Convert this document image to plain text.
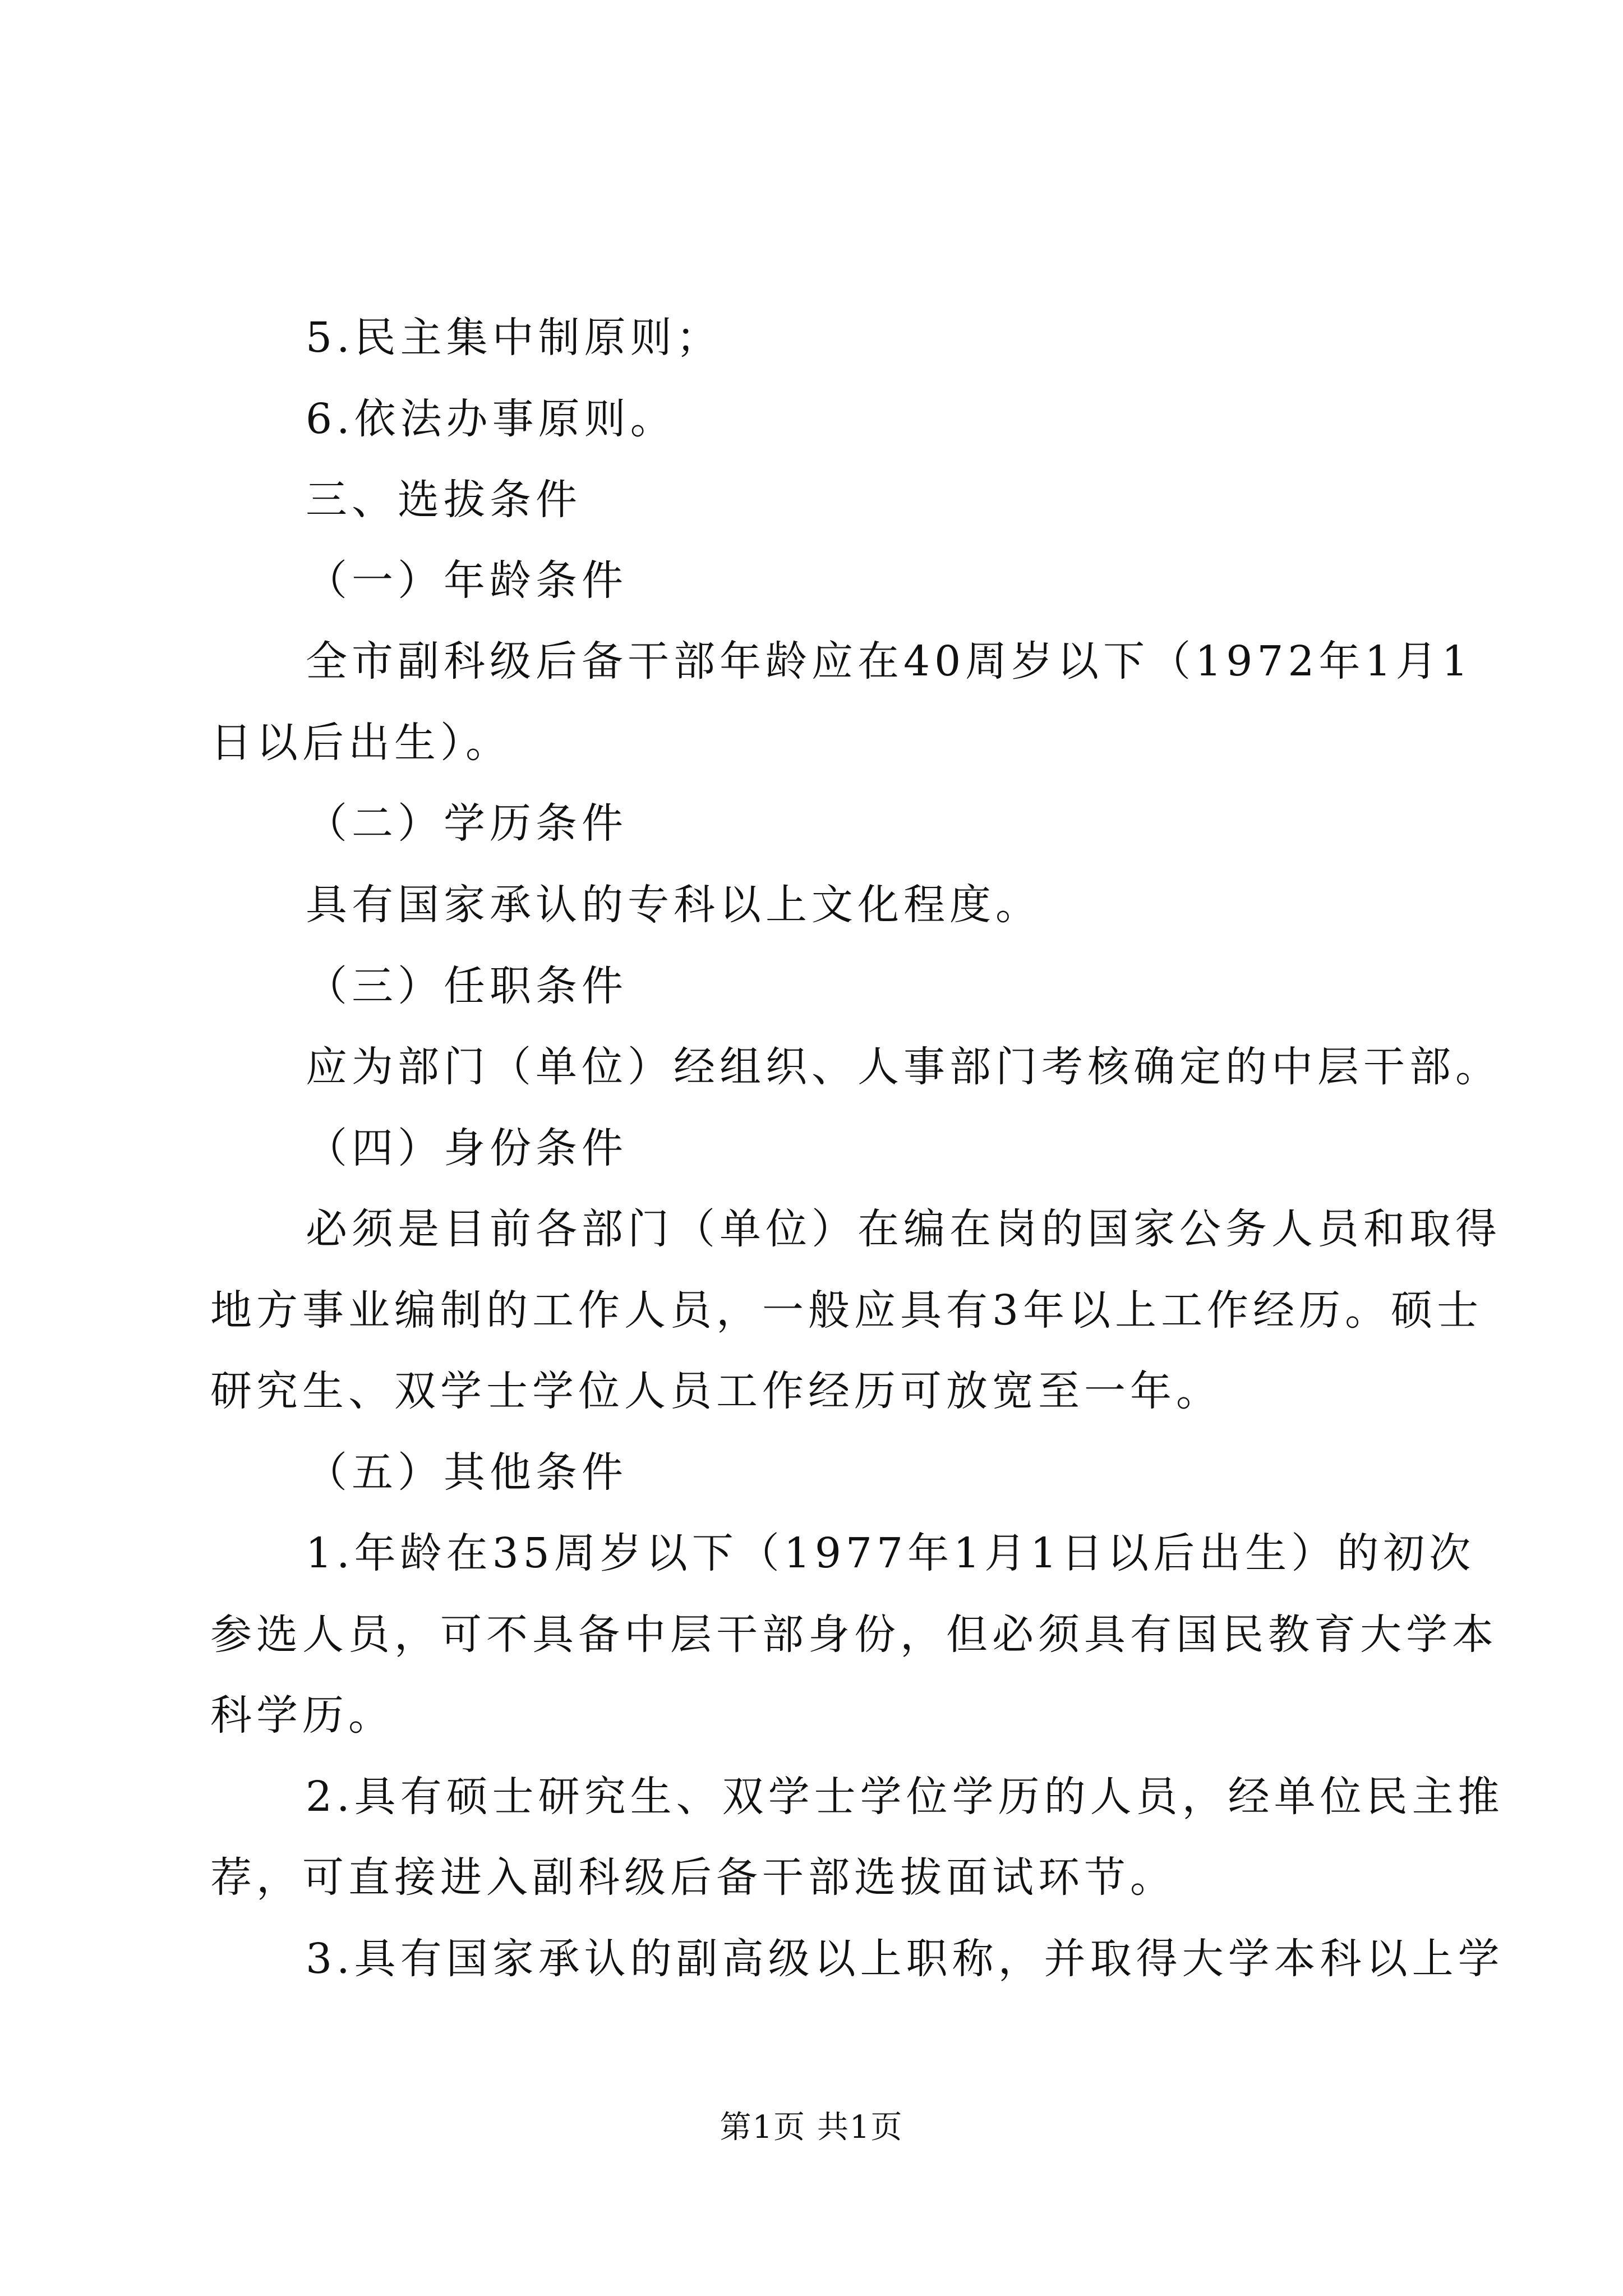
5.民主集中制原则；
6.依法办事原则。
三、选拔条件
（一）年龄条件
全市副科级后备干部年龄应在40周岁以下（1972年1月1
日以后出生）。
（二）学历条件
具有国家承认的专科以上文化程度。
（三）任职条件
应为部门（单位）经组织、人事部门考核确定的中层干部。
（四）身份条件
必须是目前各部门（单位）在编在岗的国家公务人员和取得
地方事业编制的工作人员，一般应具有3年以上工作经历。硕士
研究生、双学士学位人员工作经历可放宽至一年。
（五）其他条件
1.年龄在35周岁以下（1977年1月1日以后出生）的初次
参选人员，可不具备中层干部身份，但必须具有国民教育大学本
科学历。
2.具有硕士研究生、双学士学位学历的人员，经单位民主推
荐，可直接进入副科级后备干部选拔面试环节。
3.具有国家承认的副高级以上职称，并取得大学本科以上学
第1页 共1页
